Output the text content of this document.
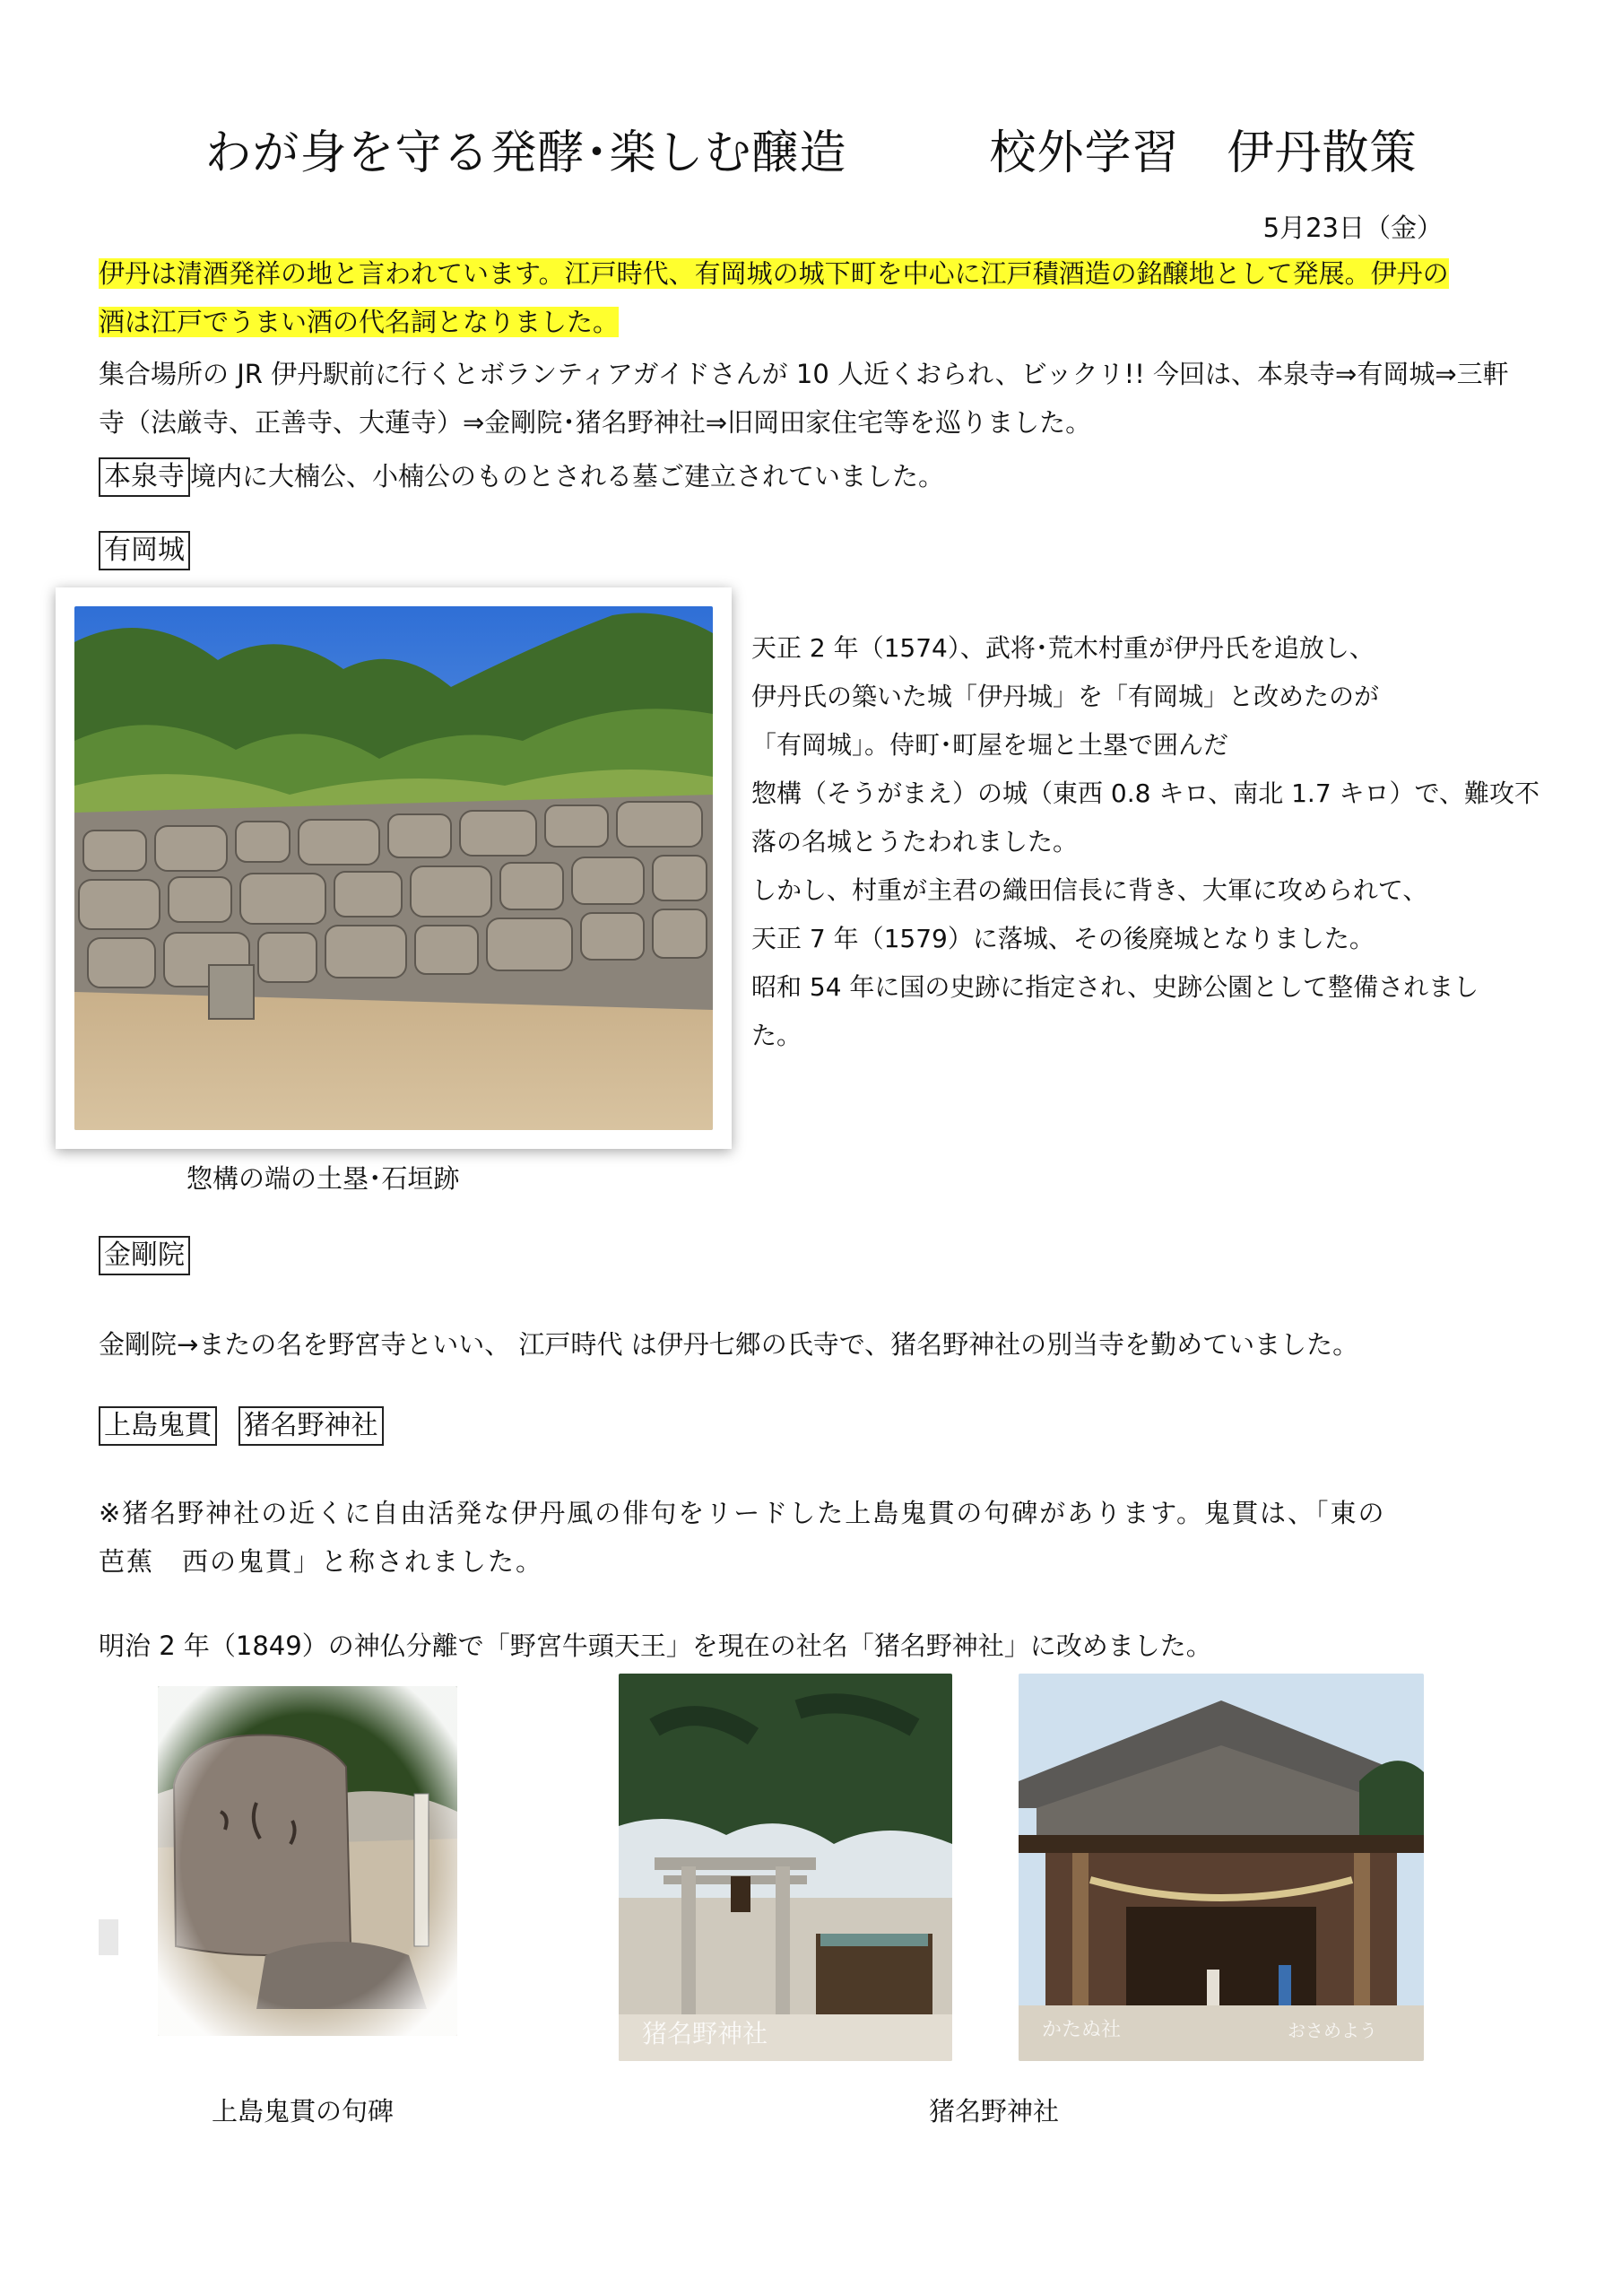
わが身を守る発酵･楽しむ醸造　　　校外学習　伊丹散策
5月23日（金）
伊丹は清酒発祥の地と言われています。江戸時代、有岡城の城下町を中心に江戸積酒造の銘醸地として発展。伊丹の
酒は江戸でうまい酒の代名詞となりました。
集合場所の JR 伊丹駅前に行くとボランティアガイドさんが 10 人近くおられ、ビックリ!! 今回は、本泉寺⇒有岡城⇒三軒
寺（法厳寺、正善寺、大蓮寺）⇒金剛院･猪名野神社⇒旧岡田家住宅等を巡りました。
本泉寺 境内に大楠公、小楠公のものとされる墓ご建立されていました。
有岡城
惣構の端の土塁･石垣跡
天正 2 年（1574）、武将･荒木村重が伊丹氏を追放し、
伊丹氏の築いた城「伊丹城」を「有岡城」と改めたのが
「有岡城」。侍町･町屋を堀と土塁で囲んだ
惣構（そうがまえ）の城（東西 0.8 キロ、南北 1.7 キロ）で、難攻不
落の名城とうたわれました。
しかし、村重が主君の織田信長に背き、大軍に攻められて、
天正 7 年（1579）に落城、その後廃城となりました。
昭和 54 年に国の史跡に指定され、史跡公園として整備されまし
た。
金剛院
金剛院→またの名を野宮寺といい、 江戸時代 は伊丹七郷の氏寺で、猪名野神社の別当寺を勤めていました。
上島鬼貫 猪名野神社
※猪名野神社の近くに自由活発な伊丹風の俳句をリードした上島鬼貫の句碑があります。鬼貫は、「東の
芭蕉　西の鬼貫」と称されました。
明治 2 年（1849）の神仏分離で「野宮牛頭天王」を現在の社名「猪名野神社」に改めました。
猪名野神社	かたぬ社	おさめよう
上島鬼貫の句碑	猪名野神社
